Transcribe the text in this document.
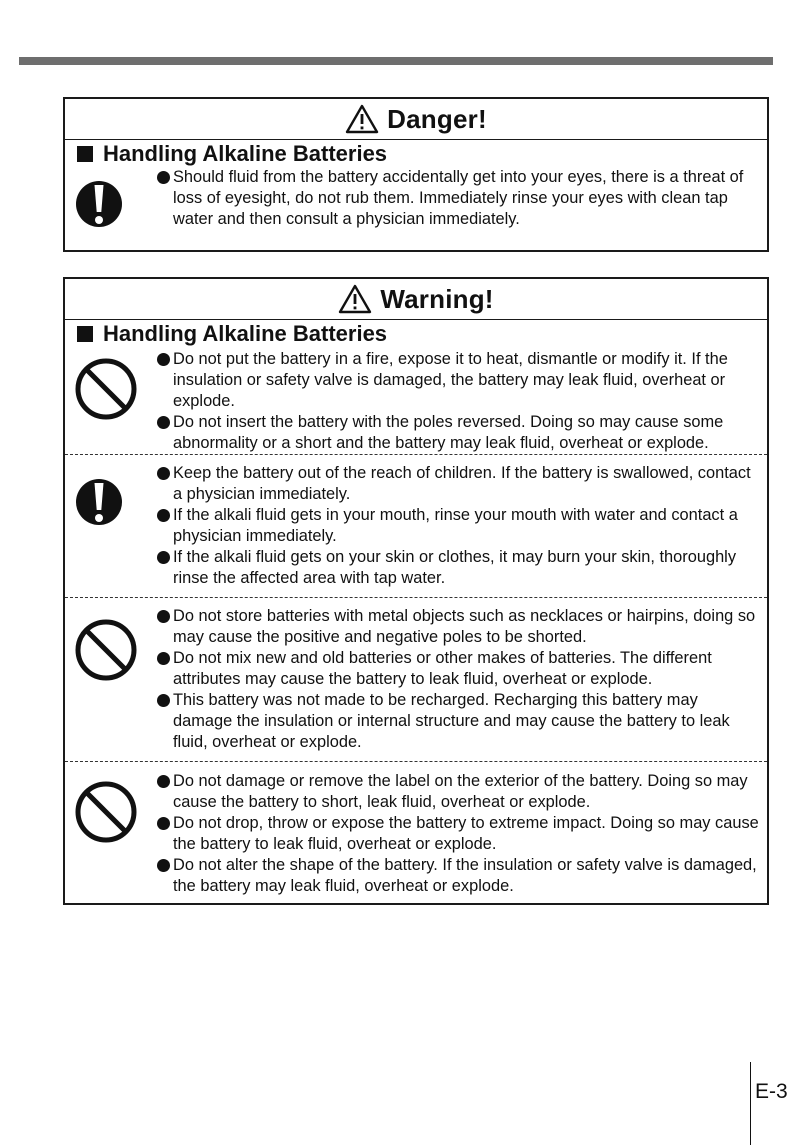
Danger!
Handling Alkaline Batteries
Should fluid from the battery accidentally get into your eyes, there is a threat of loss of eyesight, do not rub them. Immediately rinse your eyes with clean tap water and then consult a physician immediately.
Warning!
Handling Alkaline Batteries
Do not put the battery in a fire, expose it to heat, dismantle or modify it. If the insulation or safety valve is damaged, the battery may leak fluid, overheat or explode.
Do not insert the battery with the poles reversed. Doing so may cause some abnormality or a short and the battery may leak fluid, overheat or explode.
Keep the battery out of the reach of children. If the battery is swallowed, contact a physician immediately.
If the alkali fluid gets in your mouth, rinse your mouth with water and contact a physician immediately.
If the alkali fluid gets on your skin or clothes, it may burn your skin, thoroughly rinse the affected area with tap water.
Do not store batteries with metal objects such as necklaces or hairpins, doing so may cause the positive and negative poles to be shorted.
Do not mix new and old batteries or other makes of batteries. The different attributes may cause the battery to leak fluid, overheat or explode.
This battery was not made to be recharged. Recharging this battery may damage the insulation or internal structure and may cause the battery to leak fluid, overheat or explode.
Do not damage or remove the label on the exterior of the battery. Doing so may cause the battery to short, leak fluid, overheat or explode.
Do not drop, throw or expose the battery to extreme impact. Doing so may cause the battery to leak fluid, overheat or explode.
Do not alter the shape of the battery. If the insulation or safety valve is damaged, the battery may leak fluid, overheat or explode.
E-3
